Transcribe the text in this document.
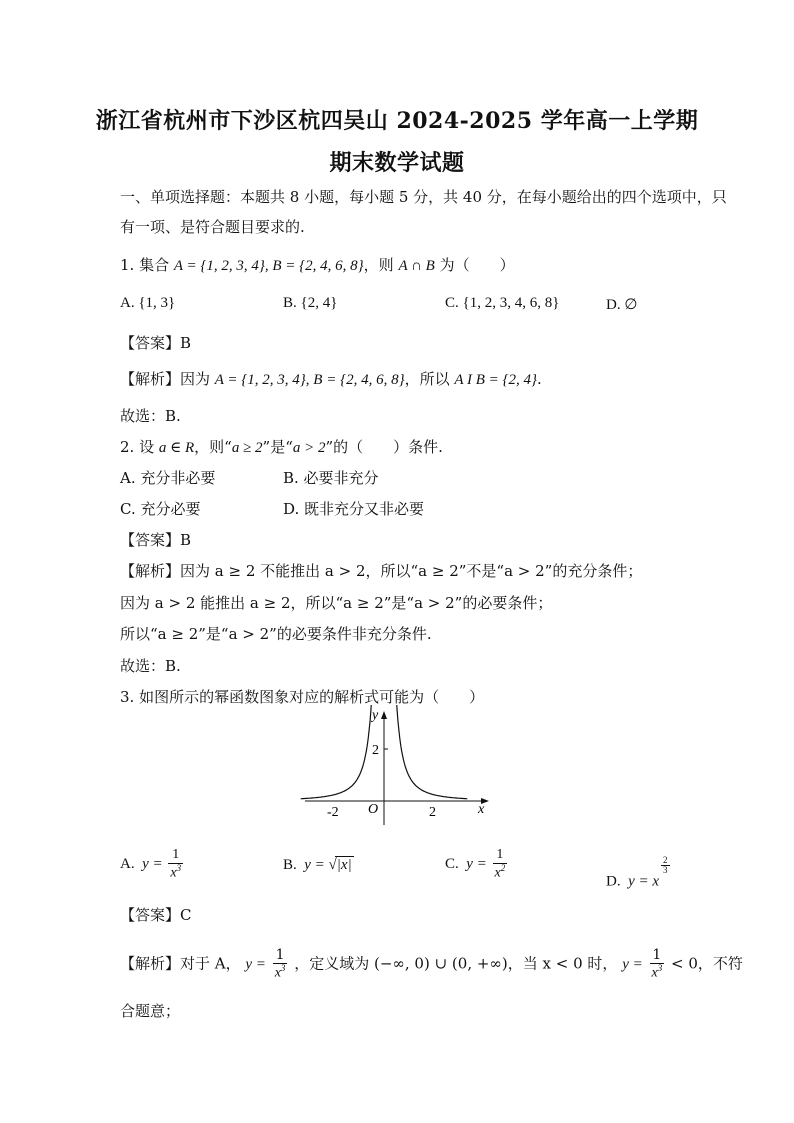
浙江省杭州市下沙区杭四吴山 2024-2025 学年高一上学期
期末数学试题
一、单项选择题：本题共 8 小题，每小题 5 分，共 40 分，在每小题给出的四个选项中，只
有一项、是符合题目要求的.
1. 集合 A = {1, 2, 3, 4}, B = {2, 4, 6, 8}，则 A ∩ B 为（　　）
A. {1, 3}	B. {2, 4}	C. {1, 2, 3, 4, 6, 8}	D. ∅
【答案】B
【解析】因为 A = {1, 2, 3, 4}, B = {2, 4, 6, 8}，所以 A I B = {2, 4}.
故选：B.
2. 设 a ∈ R，则“a ≥ 2”是“a > 2”的（　　）条件.
A. 充分非必要	B. 必要非充分
C. 充分必要	D. 既非充分又非必要
【答案】B
【解析】因为 a ≥ 2 不能推出 a > 2，所以“a ≥ 2”不是“a > 2”的充分条件；
因为 a > 2 能推出 a ≥ 2，所以“a ≥ 2”是“a > 2”的必要条件；
所以“a ≥ 2”是“a > 2”的必要条件非充分条件.
故选：B.
3. 如图所示的幂函数图象对应的解析式可能为（　　）
y
x
O
-2	2
2
A. $y = \frac{1}{x^3}$	B. y = √|x|	C. $y = \frac{1}{x^2}$
D. y = x
$\frac{2}{3}$
【答案】C
【解析】对于 A， $y = \frac{1}{x^3}$ ，定义域为 (−∞, 0) ∪ (0, +∞)，当 x < 0 时， $y = \frac{1}{x^3} < 0$，不符
合题意；
